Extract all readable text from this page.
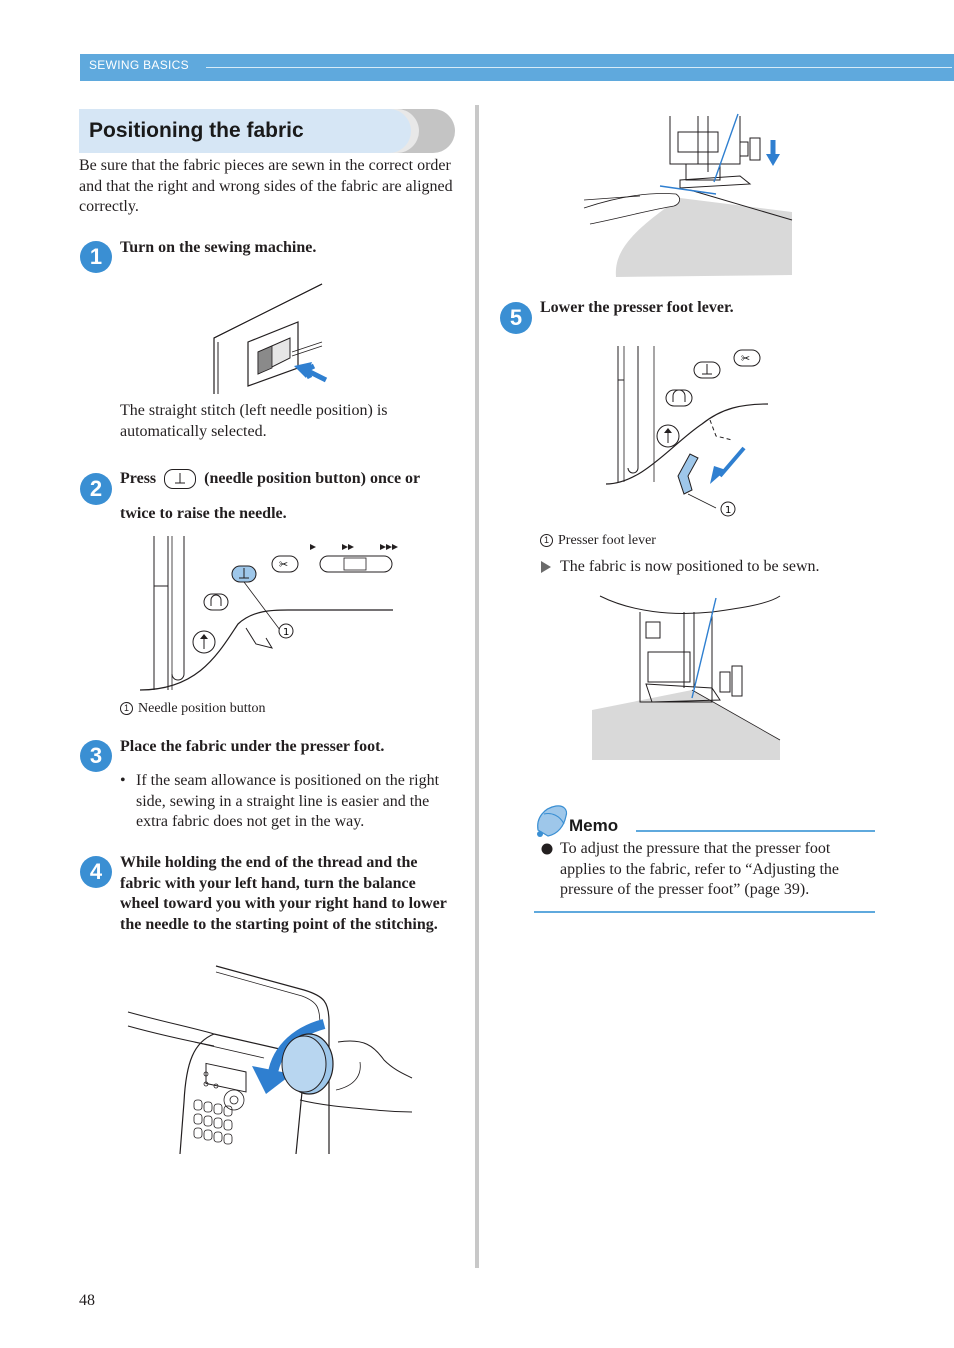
SEWING BASICS
Positioning the fabric
Be sure that the fabric pieces are sewn in the correct order and that the right and wrong sides of the fabric are aligned correctly.
1	Turn on the sewing machine.
The straight stitch (left needle position) is automatically selected.
2	Press	(needle position button) once or
twice to raise the needle.
✂
1
1 Needle position button
3	Place the fabric under the presser foot.
• If the seam allowance is positioned on the right side, sewing in a straight line is easier and the extra fabric does not get in the way.
4	While holding the end of the thread and the fabric with your left hand, turn the balance wheel toward you with your right hand to lower the needle to the starting point of the stitching.
5	Lower the presser foot lever.
✂
1
1 Presser foot lever
The fabric is now positioned to be sewn.
Memo
To adjust the pressure that the presser foot applies to the fabric, refer to “Adjusting the pressure of the presser foot” (page 39).
48
